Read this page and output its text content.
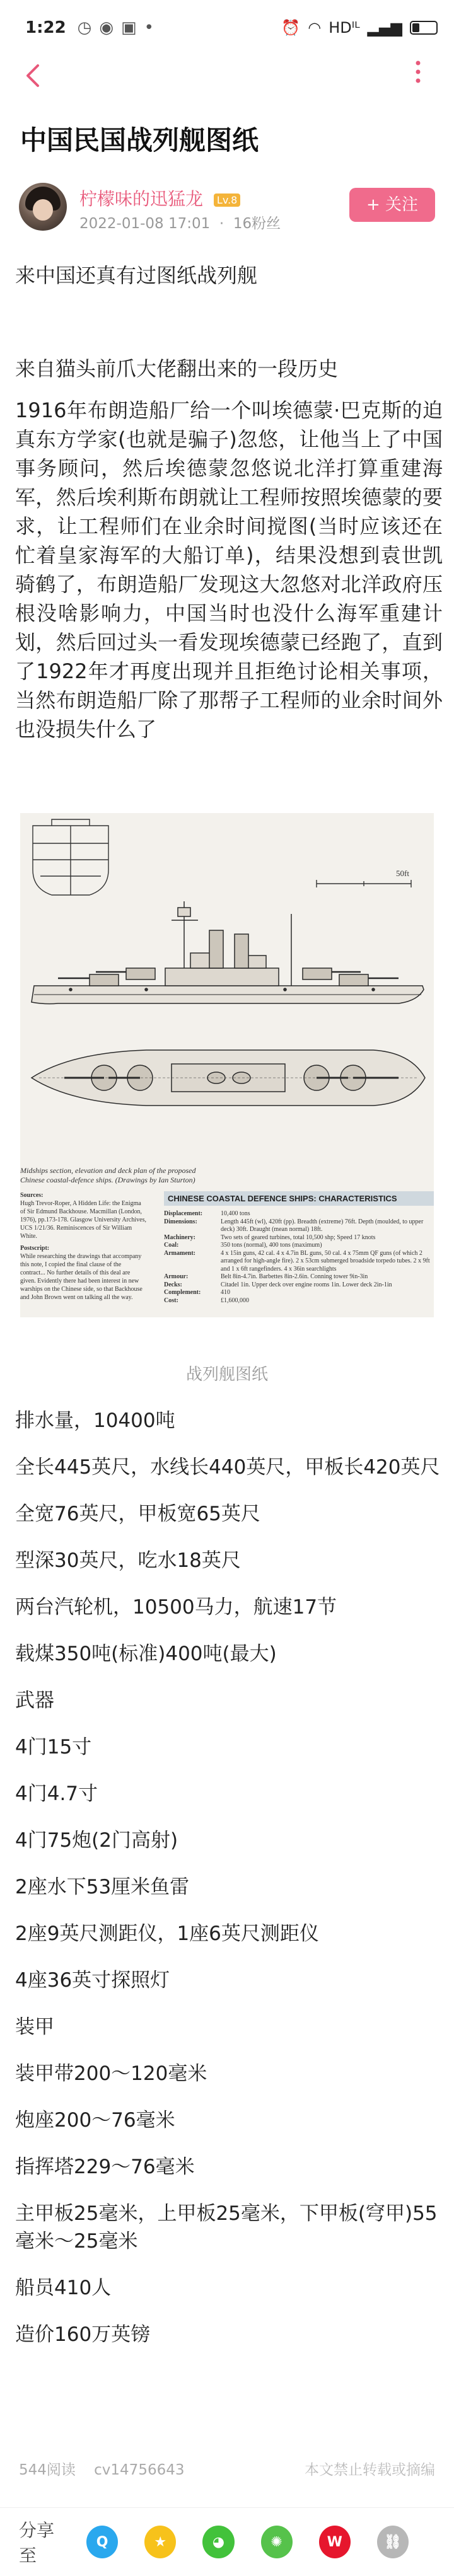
1:22 ◷ ◉ ▣ •	⏰ ◠ HDᴵᴸ ▂▄▆
中国民国战列舰图纸
柠檬味的迅猛龙 Lv.8
2022-01-08 17:01  ·  16粉丝
+ 关注

来中国还真有过图纸战列舰

来自猫头前爪大佬翻出来的一段历史

1916年布朗造船厂给一个叫埃德蒙·巴克斯的迫真东方学家(也就是骗子)忽悠，让他当上了中国事务顾问，然后埃德蒙忽悠说北洋打算重建海军，然后埃利斯布朗就让工程师按照埃德蒙的要求，让工程师们在业余时间搅图(当时应该还在忙着皇家海军的大船订单)，结果没想到袁世凯骑鹤了，布朗造船厂发现这大忽悠对北洋政府压根没啥影响力，中国当时也没什么海军重建计划，然后回过头一看发现埃德蒙已经跑了，直到了1922年才再度出现并且拒绝讨论相关事项，当然布朗造船厂除了那帮子工程师的业余时间外也没损失什么了

50ft

Midships section, elevation and deck plan of the proposed Chinese coastal-defence ships. (Drawings by Ian Sturton)

Sources:
Hugh Trevor-Roper, A Hidden Life: the Enigma of Sir Edmund Backhouse. Macmillan (London, 1976), pp.173-178. Glasgow University Archives, UCS 1/21/36. Reminiscences of Sir William White.
Postscript:
While researching the drawings that accompany this note, I copied the final clause of the contract... No further details of this deal are given. Evidently there had been interest in new warships on the Chinese side, so that Backhouse and John Brown went on talking all the way.
CHINESE COASTAL DEFENCE SHIPS: CHARACTERISTICS
Displacement:	10,400 tons
Dimensions:	Length 445ft (wl), 420ft (pp). Breadth (extreme) 76ft. Depth (moulded, to upper deck) 30ft. Draught (mean normal) 18ft.
Machinery:	Two sets of geared turbines, total 10,500 shp; Speed 17 knots
Coal:	350 tons (normal), 400 tons (maximum)
Armament:	4 x 15in guns, 42 cal. 4 x 4.7in BL guns, 50 cal. 4 x 75mm QF guns (of which 2 arranged for high-angle fire). 2 x 53cm submerged broadside torpedo tubes. 2 x 9ft and 1 x 6ft rangefinders. 4 x 36in searchlights
Armour:	Belt 8in-4.7in. Barbettes 8in-2.6in. Conning tower 9in-3in
Decks:	Citadel 1in. Upper deck over engine rooms 1in. Lower deck 2in-1in
Complement:	410
Cost:	£1,600,000

战列舰图纸

排水量，10400吨

全长445英尺，水线长440英尺，甲板长420英尺

全宽76英尺，甲板宽65英尺

型深30英尺，吃水18英尺

两台汽轮机，10500马力，航速17节

载煤350吨(标准)400吨(最大)

武器

4门15寸

4门4.7寸

4门75炮(2门高射)

2座水下53厘米鱼雷

2座9英尺测距仪，1座6英尺测距仪

4座36英寸探照灯

装甲

装甲带200～120毫米

炮座200～76毫米

指挥塔229～76毫米

主甲板25毫米，上甲板25毫米，下甲板(穹甲)55毫米～25毫米

船员410人

造价160万英镑

544阅读 cv14756643	本文禁止转载或摘编
分享至
Q	★	◕	✺	W	⛓
